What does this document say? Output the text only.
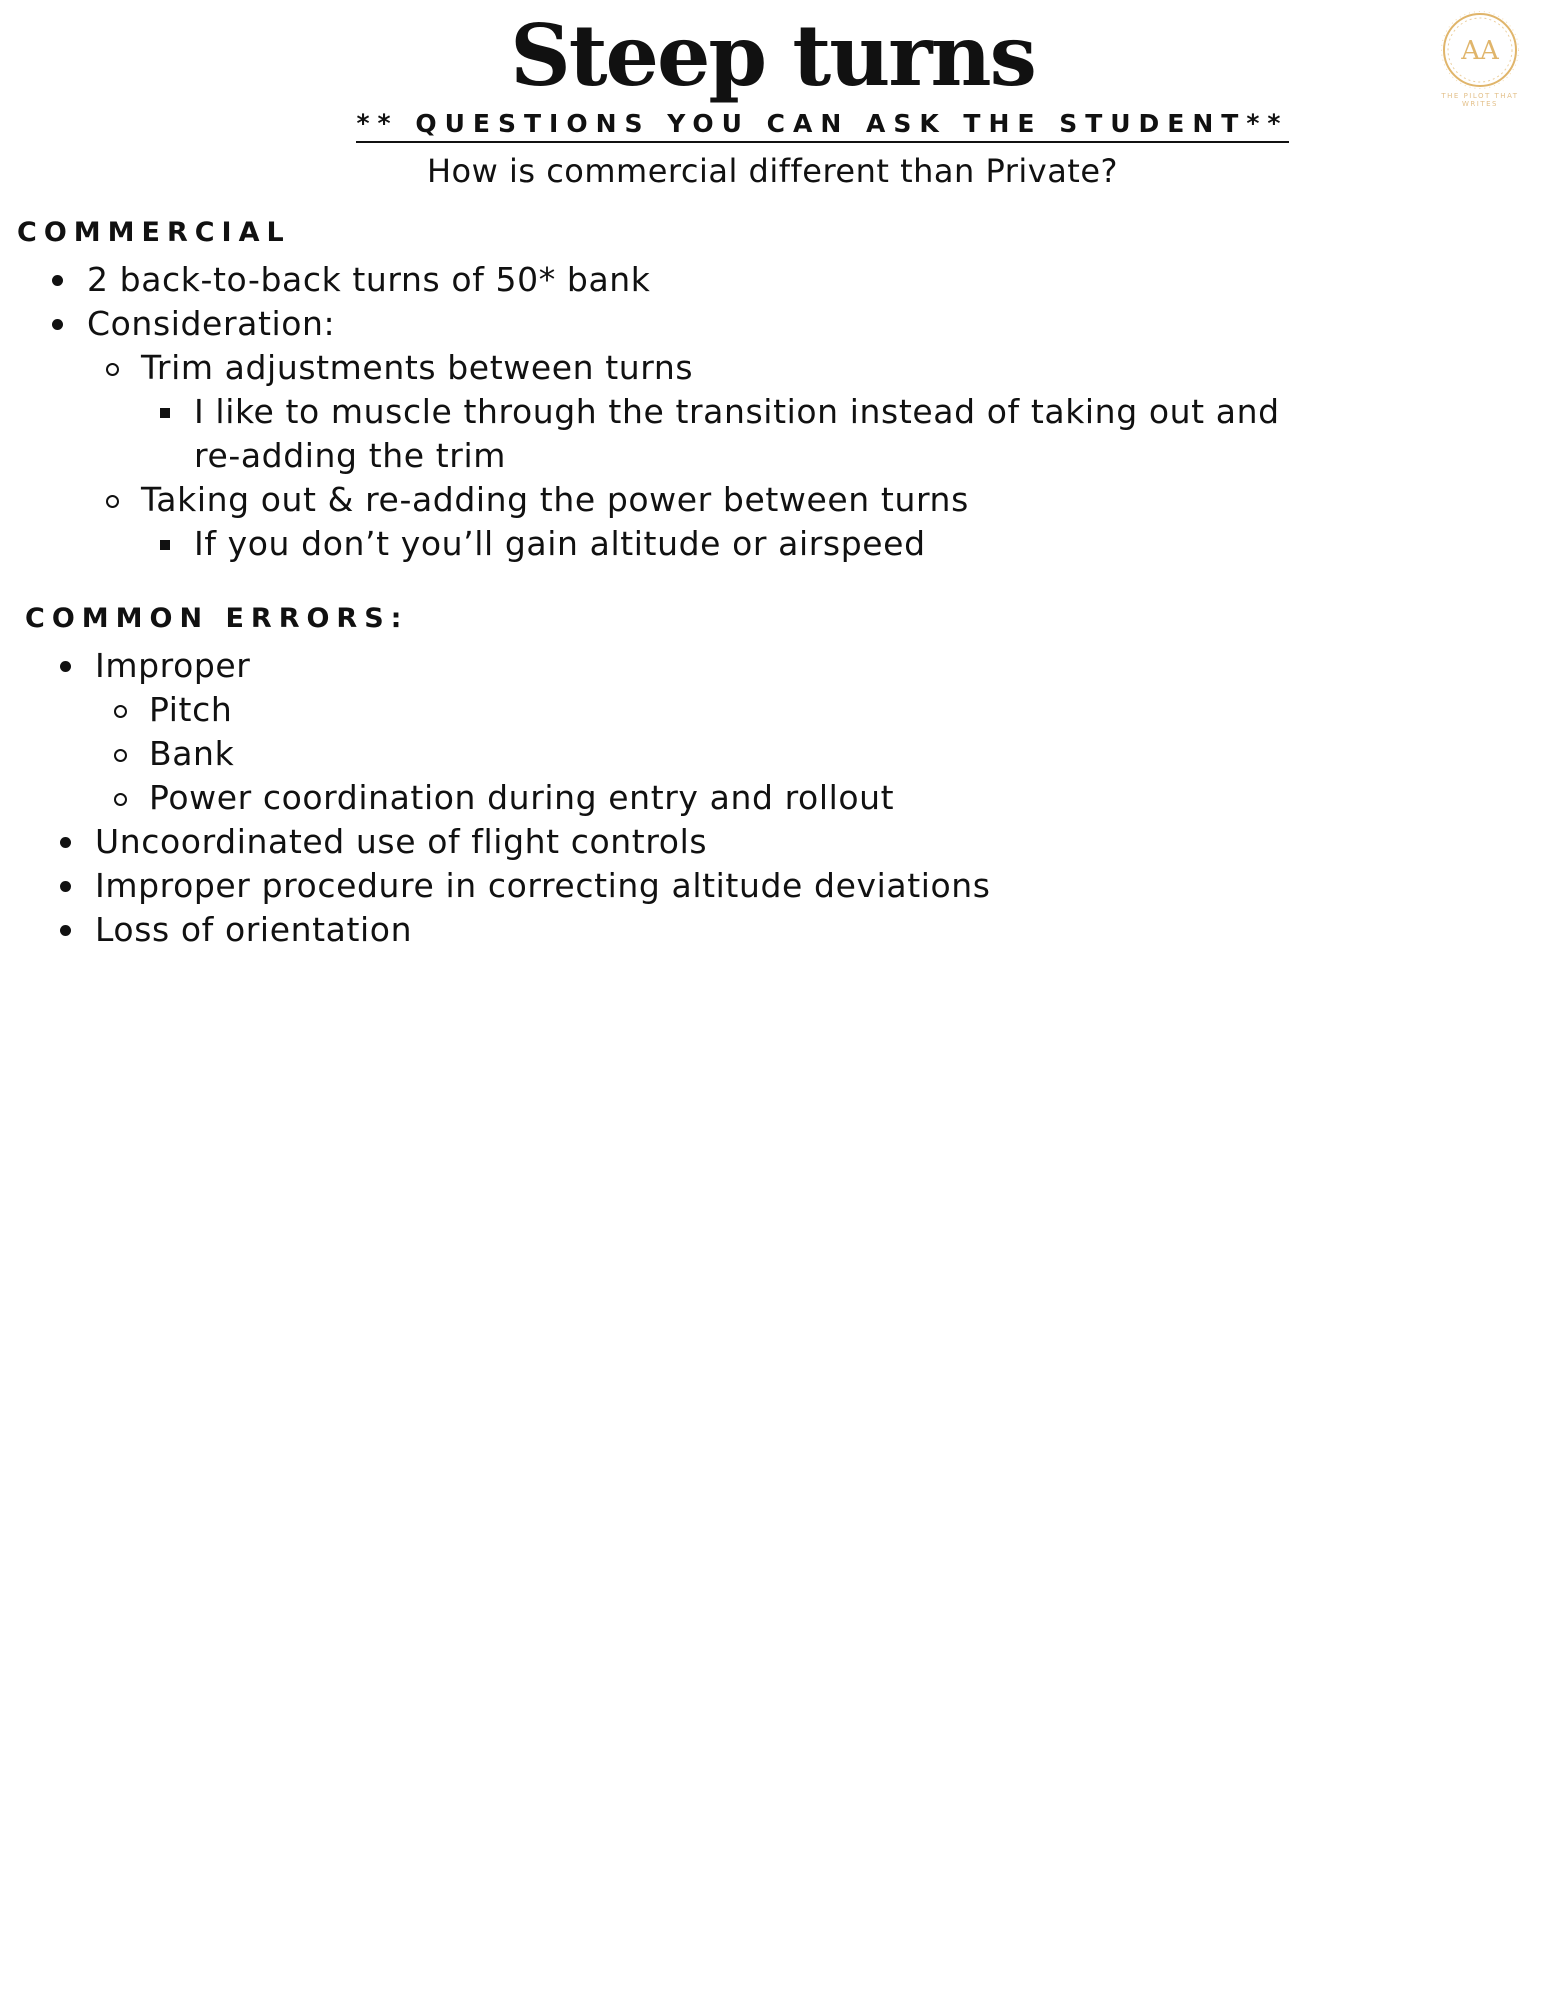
Steep turns
** QUESTIONS YOU CAN ASK THE STUDENT**
How is commercial different than Private?
AA
THE PILOT THAT WRITES
COMMERCIAL
2 back-to-back turns of 50* bank
Consideration:
Trim adjustments between turns
I like to muscle through the transition instead of taking out and re-adding the trim
Taking out & re-adding the power between turns
If you don’t you’ll gain altitude or airspeed
COMMON ERRORS:
Improper
Pitch
Bank
Power coordination during entry and rollout
Uncoordinated use of flight controls
Improper procedure in correcting altitude deviations
Loss of orientation
